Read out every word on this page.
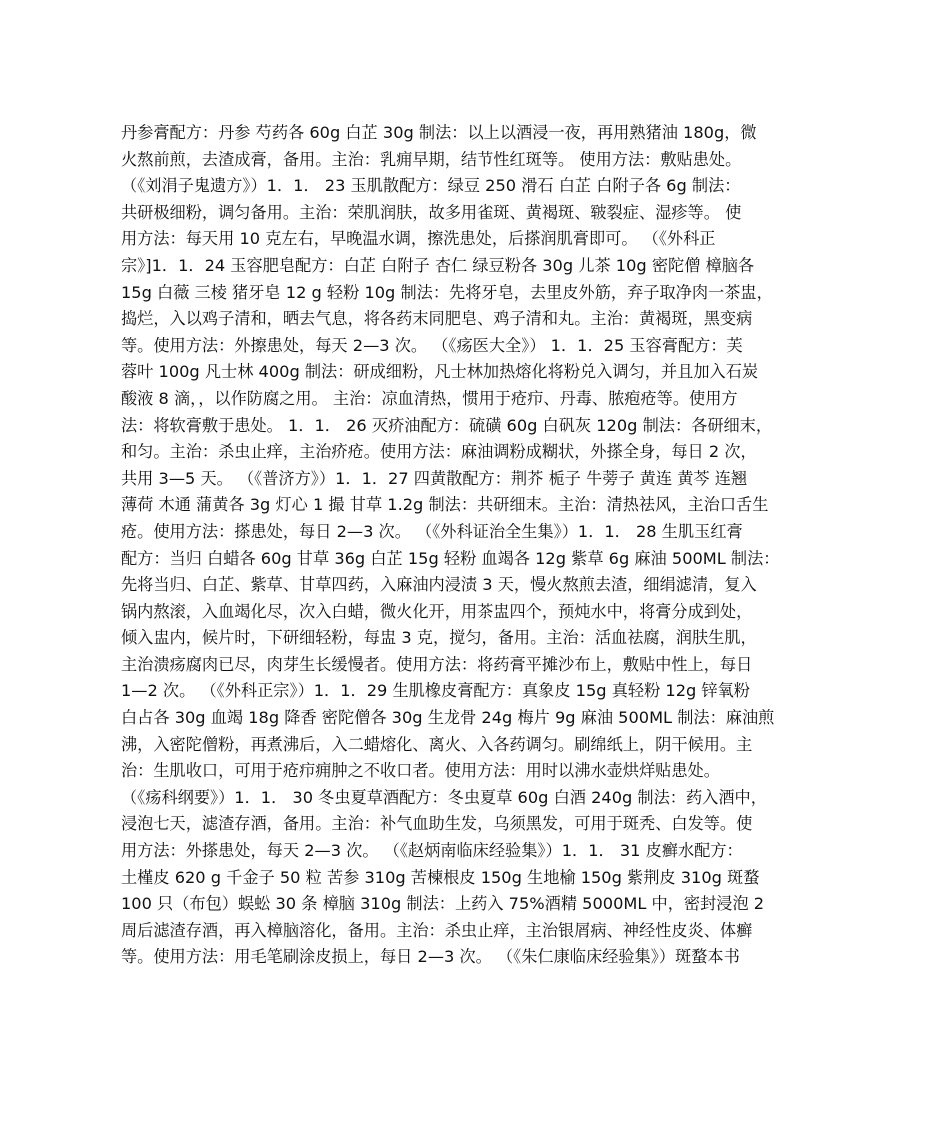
丹参膏配方：丹参 芍药各 60g 白芷 30g 制法：以上以酒浸一夜，再用熟猪油 180g，微
火熬前煎，去渣成膏，备用。主治：乳痈早期，结节性红斑等。 使用方法：敷贴患处。
（《刘涓子鬼遗方》）1．1． 23 玉肌散配方：绿豆 250 滑石 白芷 白附子各 6g 制法：
共研极细粉，调匀备用。主治：荣肌润肤，故多用雀斑、黄褐斑、皲裂症、湿疹等。 使
用方法：每天用 10 克左右，早晚温水调，擦洗患处，后搽润肌膏即可。 （《外科正
宗》]1．1．24 玉容肥皂配方：白芷 白附子 杏仁 绿豆粉各 30g 儿茶 10g 密陀僧 樟脑各
15g 白薇 三棱 猪牙皂 12 g 轻粉 10g 制法：先将牙皂，去里皮外筋，弃子取净肉一茶盅，
捣烂，入以鸡子清和，晒去气息，将各药末同肥皂、鸡子清和丸。主治：黄褐斑，黑变病
等。使用方法：外擦患处，每天 2—3 次。 （《疡医大全》） 1．1．25 玉容膏配方：芙
蓉叶 100g 凡士林 400g 制法：研成细粉，凡士林加热熔化将粉兑入调匀，并且加入石炭
酸液 8 滴，，以作防腐之用。 主治：凉血清热，惯用于疮疖、丹毒、脓疱疮等。使用方
法：将软膏敷于患处。 1．1． 26 灭疥油配方：硫磺 60g 白矾灰 120g 制法：各研细末，
和匀。主治：杀虫止痒，主治疥疮。使用方法：麻油调粉成糊状，外搽全身，每日 2 次，
共用 3—5 天。 （《普济方》）1．1．27 四黄散配方：荆芥 栀子 牛蒡子 黄连 黄芩 连翘
薄荷 木通 蒲黄各 3g 灯心 1 撮 甘草 1.2g 制法：共研细末。主治：清热祛风，主治口舌生
疮。使用方法：搽患处，每日 2—3 次。 （《外科证治全生集》）1．1． 28 生肌玉红膏
配方：当归 白蜡各 60g 甘草 36g 白芷 15g 轻粉 血竭各 12g 紫草 6g 麻油 500ML 制法：
先将当归、白芷、紫草、甘草四药，入麻油内浸渍 3 天，慢火熬煎去渣，细绢滤清，复入
锅内熬滚，入血竭化尽，次入白蜡，微火化开，用茶盅四个，预炖水中，将膏分成到处，
倾入盅内，候片时，下研细轻粉，每盅 3 克，搅匀，备用。主治：活血祛腐，润肤生肌，
主治溃疡腐肉已尽，肉芽生长缓慢者。使用方法：将药膏平摊沙布上，敷贴中性上，每日
1—2 次。 （《外科正宗》）1．1．29 生肌橡皮膏配方：真象皮 15g 真轻粉 12g 锌氧粉
白占各 30g 血竭 18g 降香 密陀僧各 30g 生龙骨 24g 梅片 9g 麻油 500ML 制法：麻油煎
沸，入密陀僧粉，再煮沸后，入二蜡熔化、离火、入各药调匀。刷绵纸上，阴干候用。主
治：生肌收口，可用于疮疖痈肿之不收口者。使用方法：用时以沸水壶烘烊贴患处。
（《疡科纲要》）1．1． 30 冬虫夏草酒配方：冬虫夏草 60g 白酒 240g 制法：药入酒中，
浸泡七天，滤渣存酒，备用。主治：补气血助生发，乌须黑发，可用于斑秃、白发等。使
用方法：外搽患处，每天 2—3 次。 （《赵炳南临床经验集》）1．1． 31 皮癣水配方：
土槿皮 620 g 千金子 50 粒 苦参 310g 苦楝根皮 150g 生地榆 150g 紫荆皮 310g 斑蝥
100 只（布包）蜈蚣 30 条 樟脑 310g 制法：上药入 75%酒精 5000ML 中，密封浸泡 2
周后滤渣存酒，再入樟脑溶化，备用。主治：杀虫止痒，主治银屑病、神经性皮炎、体癣
等。使用方法：用毛笔刷涂皮损上，每日 2—3 次。 （《朱仁康临床经验集》）斑蝥本书
